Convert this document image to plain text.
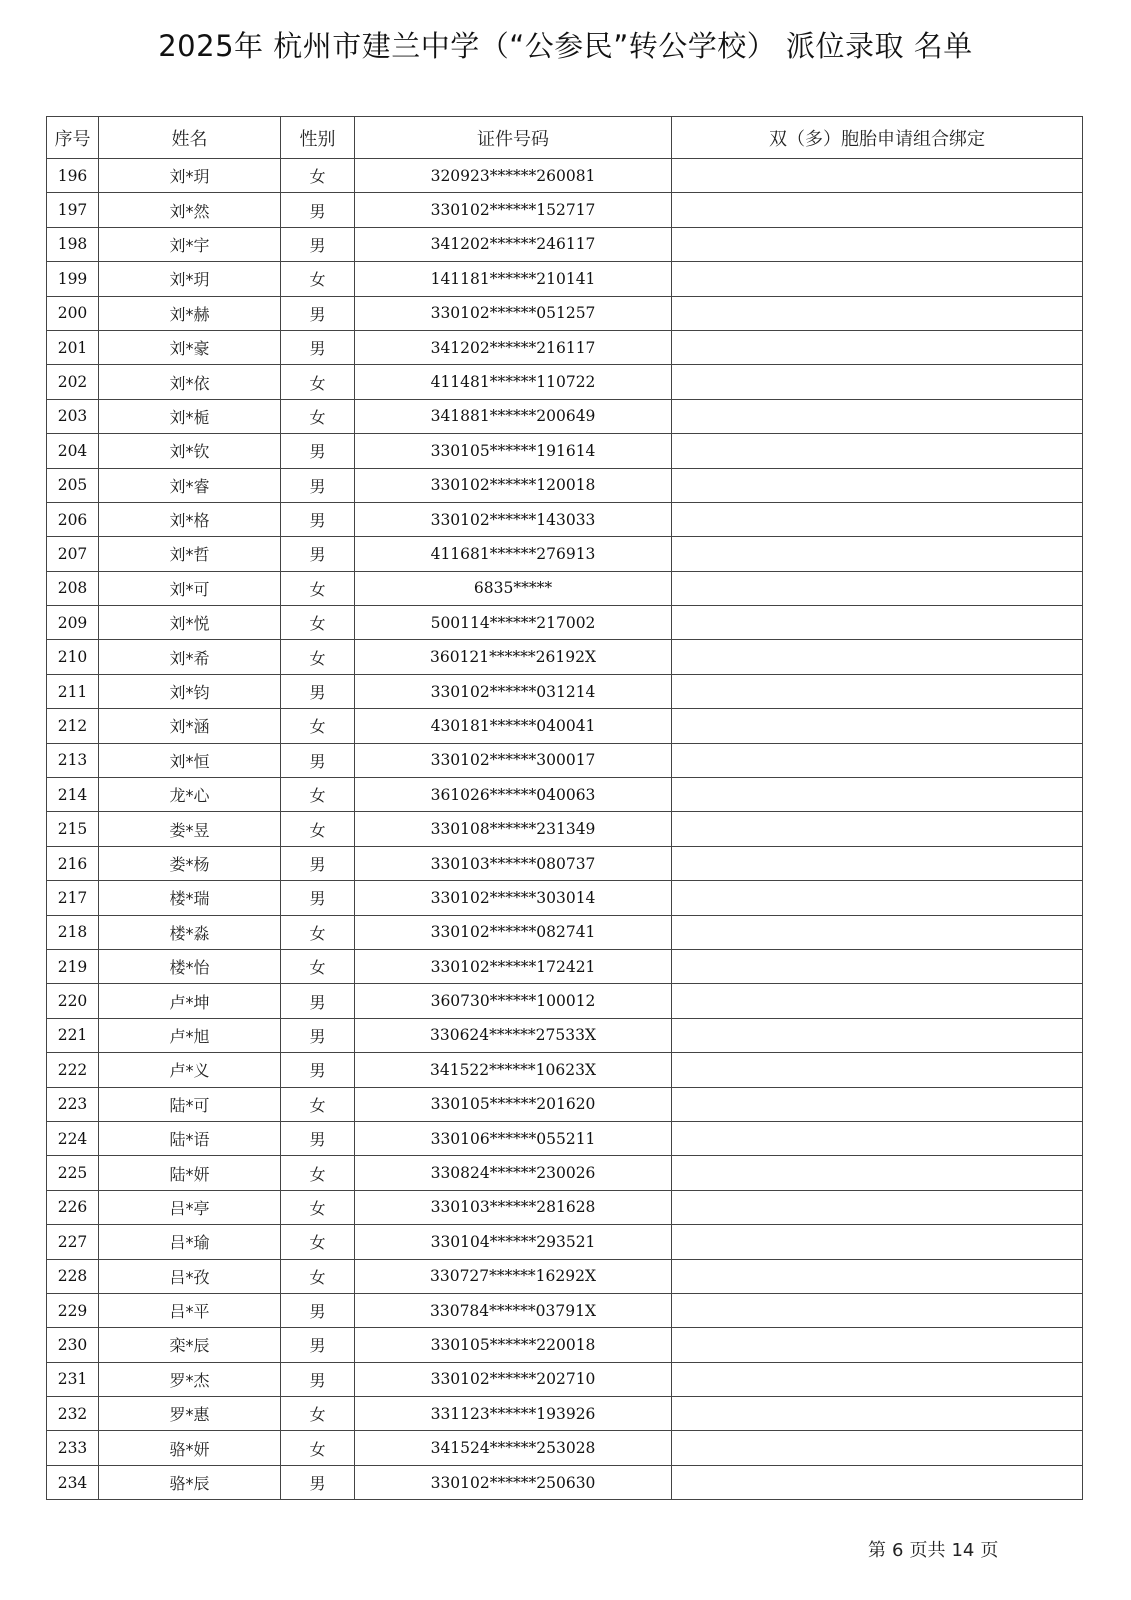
2025年 杭州市建兰中学（“公参民”转公学校） 派位录取 名单
序号	姓名	性别	证件号码	双（多）胞胎申请组合绑定
196	刘*玥	女	320923******260081	
197	刘*然	男	330102******152717	
198	刘*宇	男	341202******246117	
199	刘*玥	女	141181******210141	
200	刘*赫	男	330102******051257	
201	刘*豪	男	341202******216117	
202	刘*依	女	411481******110722	
203	刘*栀	女	341881******200649	
204	刘*钦	男	330105******191614	
205	刘*睿	男	330102******120018	
206	刘*格	男	330102******143033	
207	刘*哲	男	411681******276913	
208	刘*可	女	6835*****	
209	刘*悦	女	500114******217002	
210	刘*希	女	360121******26192X	
211	刘*钧	男	330102******031214	
212	刘*涵	女	430181******040041	
213	刘*恒	男	330102******300017	
214	龙*心	女	361026******040063	
215	娄*昱	女	330108******231349	
216	娄*杨	男	330103******080737	
217	楼*瑞	男	330102******303014	
218	楼*淼	女	330102******082741	
219	楼*怡	女	330102******172421	
220	卢*坤	男	360730******100012	
221	卢*旭	男	330624******27533X	
222	卢*义	男	341522******10623X	
223	陆*可	女	330105******201620	
224	陆*语	男	330106******055211	
225	陆*妍	女	330824******230026	
226	吕*亭	女	330103******281628	
227	吕*瑜	女	330104******293521	
228	吕*孜	女	330727******16292X	
229	吕*平	男	330784******03791X	
230	栾*辰	男	330105******220018	
231	罗*杰	男	330102******202710	
232	罗*惠	女	331123******193926	
233	骆*妍	女	341524******253028	
234	骆*辰	男	330102******250630	
第 6 页共 14 页
